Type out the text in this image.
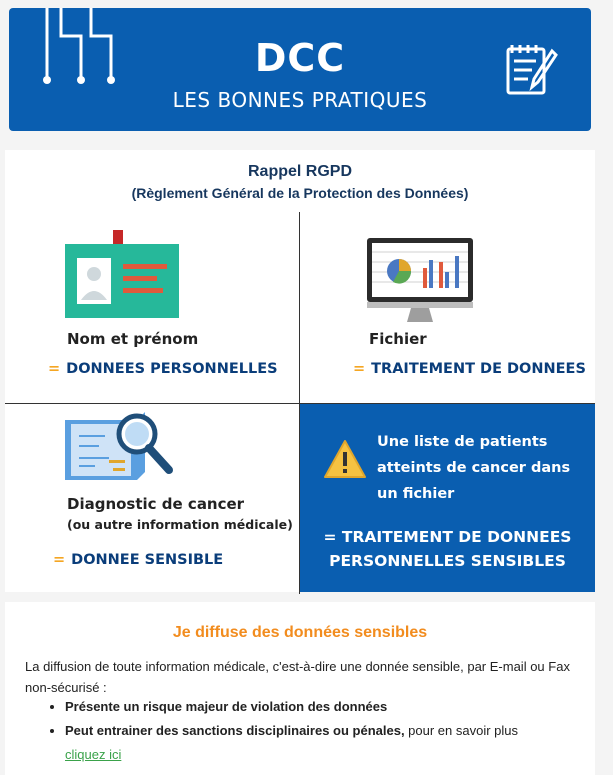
DCC
LES BONNES PRATIQUES
Rappel RGPD
(Règlement Général de la Protection des Données)
Nom et prénom
= DONNEES PERSONNELLES
Fichier
= TRAITEMENT DE DONNEES
Diagnostic de cancer
(ou autre information médicale)
= DONNEE SENSIBLE
Une liste de patients atteints de cancer dans un fichier
= TRAITEMENT DE DONNEES
PERSONNELLES SENSIBLES
Je diffuse des données sensibles
La diffusion de toute information médicale, c'est-à-dire une donnée sensible, par E-mail ou Fax non-sécurisé :
• Présente un risque majeur de violation des données
• Peut entrainer des sanctions disciplinaires ou pénales, pour en savoir plus
cliquez ici
